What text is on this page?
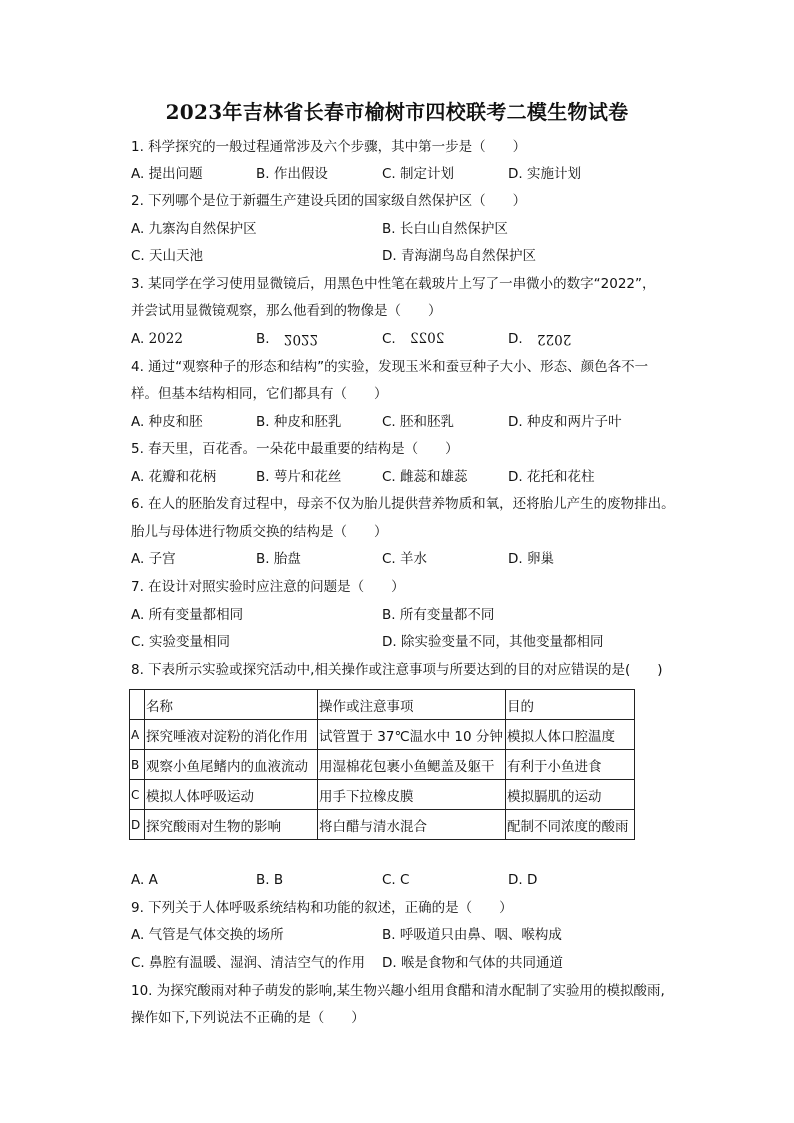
2023年吉林省长春市榆树市四校联考二模生物试卷
1. 科学探究的一般过程通常涉及六个步骤，其中第一步是（　　）
A. 提出问题	B. 作出假设	C. 制定计划	D. 实施计划
2. 下列哪个是位于新疆生产建设兵团的国家级自然保护区（　　）
A. 九寨沟自然保护区	B. 长白山自然保护区
C. 天山天池	D. 青海湖鸟岛自然保护区
3. 某同学在学习使用显微镜后，用黑色中性笔在载玻片上写了一串微小的数字“2022”，
并尝试用显微镜观察，那么他看到的物像是（　　）
A. 2022	B. 2022	C. 2022	D. 2022
4. 通过“观察种子的形态和结构”的实验，发现玉米和蚕豆种子大小、形态、颜色各不一
样。但基本结构相同，它们都具有（　　）
A. 种皮和胚	B. 种皮和胚乳	C. 胚和胚乳	D. 种皮和两片子叶
5. 春天里，百花香。一朵花中最重要的结构是（　　）
A. 花瓣和花柄	B. 萼片和花丝	C. 雌蕊和雄蕊	D. 花托和花柱
6. 在人的胚胎发育过程中，母亲不仅为胎儿提供营养物质和氧，还将胎儿产生的废物排出。
胎儿与母体进行物质交换的结构是（　　）
A. 子宫	B. 胎盘	C. 羊水	D. 卵巢
7. 在设计对照实验时应注意的问题是（　　）
A. 所有变量都相同	B. 所有变量都不同
C. 实验变量相同	D. 除实验变量不同，其他变量都相同
8. 下表所示实验或探究活动中,相关操作或注意事项与所要达到的目的对应错误的是(　　)
	名称	操作或注意事项	目的
A	探究唾液对淀粉的消化作用	试管置于 37℃温水中 10 分钟	模拟人体口腔温度
B	观察小鱼尾鳍内的血液流动	用湿棉花包裹小鱼鳃盖及躯干	有利于小鱼进食
C	模拟人体呼吸运动	用手下拉橡皮膜	模拟膈肌的运动
D	探究酸雨对生物的影响	将白醋与清水混合	配制不同浓度的酸雨
A. A	B. B	C. C	D. D
9. 下列关于人体呼吸系统结构和功能的叙述，正确的是（　　）
A. 气管是气体交换的场所	B. 呼吸道只由鼻、咽、喉构成
C. 鼻腔有温暖、湿润、清洁空气的作用 D. 喉是食物和气体的共同通道
10. 为探究酸雨对种子萌发的影响,某生物兴趣小组用食醋和清水配制了实验用的模拟酸雨,
操作如下,下列说法不正确的是（　　）
